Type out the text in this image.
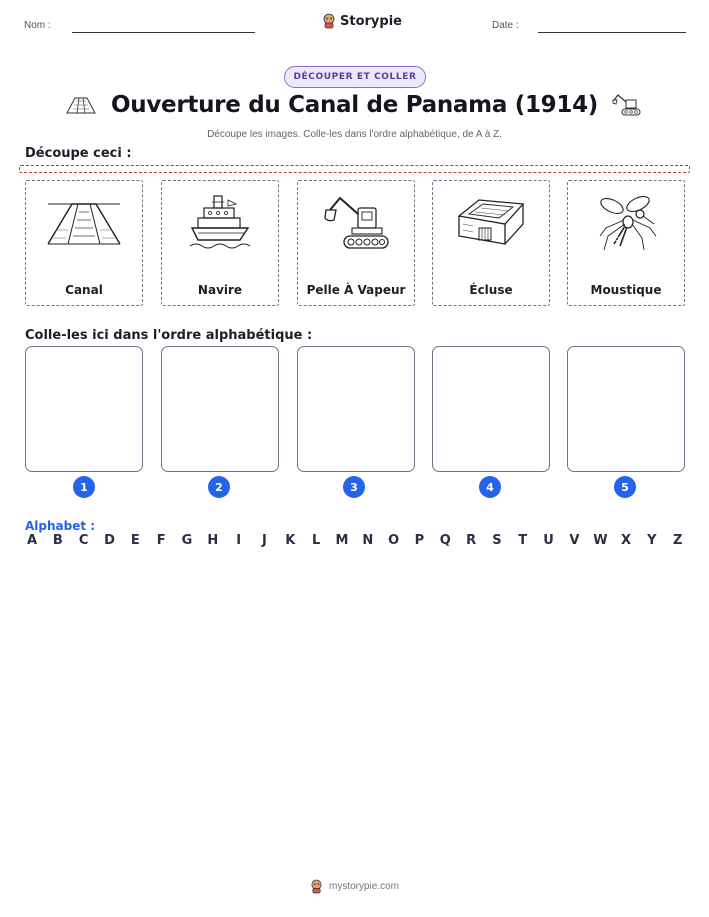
Nom :	Storypie	Date :
DÉCOUPER ET COLLER
Ouverture du Canal de Panama (1914)
Découpe les images. Colle-les dans l'ordre alphabétique, de A à Z.
Découpe ceci :
Canal	Navire	Pelle À Vapeur	Écluse	Moustique
Colle-les ici dans l'ordre alphabétique :
1	2	3	4	5
Alphabet :
A B C D E F G H	I	J	K L M N O P Q R S T U V W X Y Z
mystorypie.com
